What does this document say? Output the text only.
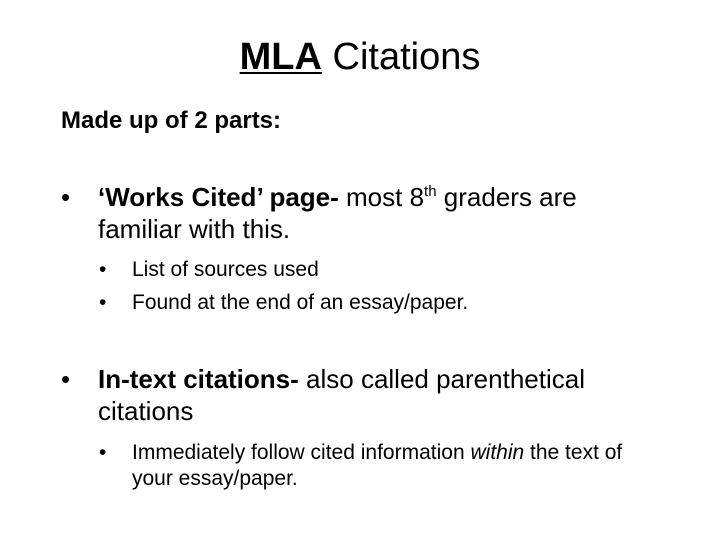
MLA Citations
Made up of 2 parts:
•	‘Works Cited’ page- most 8th graders are familiar with this.
•	List of sources used
•	Found at the end of an essay/paper.
•	In-text citations- also called parenthetical citations
•	Immediately follow cited information within the text of your essay/paper.
